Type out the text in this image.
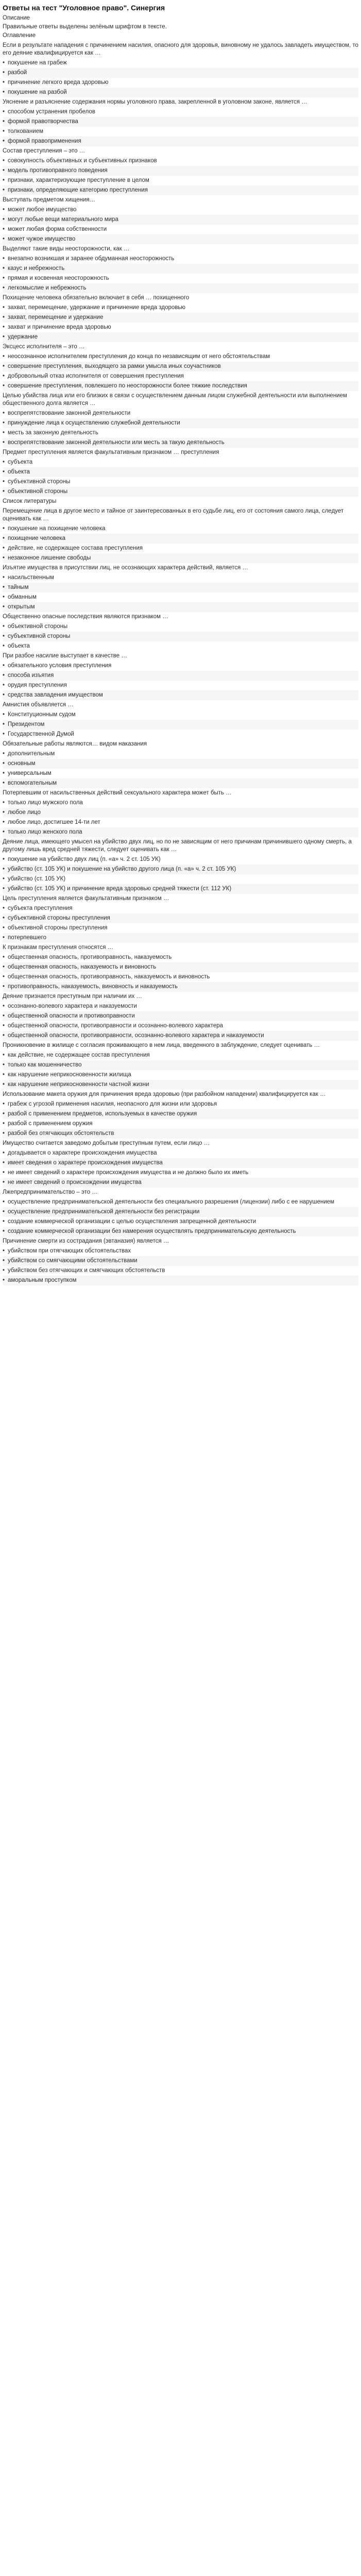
Ответы на тест "Уголовное право". Синергия
Описание
Правильные ответы выделены зелёным шрифтом в тексте.
Оглавление
Если в результате нападения с причинением насилия, опасного для здоровья, виновному не удалось завладеть имуществом, то его деяние квалифицируется как …
• покушение на грабеж
• разбой
• причинение легкого вреда здоровью
• покушение на разбой
Уяснение и разъяснение содержания нормы уголовного права, закрепленной в уголовном законе, является …
• способом устранения пробелов
• формой правотворчества
• толкованием
• формой правоприменения
Состав преступления – это …
• совокупность объективных и субъективных признаков
• модель противоправного поведения
• признаки, характеризующие преступление в целом
• признаки, определяющие категорию преступления
Выступать предметом хищения…
• может любое имущество
• могут любые вещи материального мира
• может любая форма собственности
• может чужое имущество
Выделяют такие виды неосторожности, как …
• внезапно возникшая и заранее обдуманная неосторожность
• казус и небрежность
• прямая и косвенная неосторожность
• легкомыслие и небрежность
Похищение человека обязательно включает в себя … похищенного
• захват, перемещение, удержание и причинение вреда здоровью
• захват, перемещение и удержание
• захват и причинение вреда здоровью
• удержание
Эксцесс исполнителя – это …
• неосознанное исполнителем преступления до конца по независящим от него обстоятельствам
• совершение преступления, выходящего за рамки умысла иных соучастников
• добровольный отказ исполнителя от совершения преступления
• совершение преступления, повлекшего по неосторожности более тяжкие последствия
Целью убийства лица или его близких в связи с осуществлением данным лицом служебной деятельности или выполнением общественного долга является …
• воспрепятствование законной деятельности
• принуждение лица к осуществлению служебной деятельности
• месть за законную деятельность
• воспрепятствование законной деятельности или месть за такую деятельность
Предмет преступления является факультативным признаком … преступления
• субъекта
• объекта
• субъективной стороны
• объективной стороны
Список литературы
Перемещение лица в другое место и тайное от заинтересованных в его судьбе лиц, его от состояния самого лица, следует оценивать как …
• покушение на похищение человека
• похищение человека
• действие, не содержащее состава преступления
• незаконное лишение свободы
Изъятие имущества в присутствии лиц, не осознающих характера действий, является …
• насильственным
• тайным
• обманным
• открытым
Общественно опасные последствия являются признаком …
• объективной стороны
• субъективной стороны
• объекта
При разбое насилие выступает в качестве …
• обязательного условия преступления
• способа изъятия
• орудия преступления
• средства завладения имуществом
Амнистия объявляется …
• Конституционным судом
• Президентом
• Государственной Думой
Обязательные работы являются… видом наказания
• дополнительным
• основным
• универсальным
• вспомогательным
Потерпевшим от насильственных действий сексуального характера может быть …
• только лицо мужского пола
• любое лицо
• любое лицо, достигшее 14-ти лет
• только лицо женского пола
Деяние лица, имеющего умысел на убийство двух лиц, но по не зависящим от него причинам причинившего одному смерть, а другому лишь вред средней тяжести, следует оценивать как …
• покушение на убийство двух лиц (п. «а» ч. 2 ст. 105 УК)
• убийство (ст. 105 УК) и покушение на убийство другого лица (п. «а» ч. 2 ст. 105 УК)
• убийство (ст. 105 УК)
• убийство (ст. 105 УК) и причинение вреда здоровью средней тяжести (ст. 112 УК)
Цель преступления является факультативным признаком …
• субъекта преступления
• субъективной стороны преступления
• объективной стороны преступления
• потерпевшего
К признакам преступления относятся …
• общественная опасность, противоправность, наказуемость
• общественная опасность, наказуемость и виновность
• общественная опасность, противоправность, наказуемость и виновность
• противоправность, наказуемость, виновность и наказуемость
Деяние признается преступным при наличии их …
• осознанно-волевого характера и наказуемости
• общественной опасности и противоправности
• общественной опасности, противоправности и осознанно-волевого характера
• общественной опасности, противоправности, осознанно-волевого характера и наказуемости
Проникновение в жилище с согласия проживающего в нем лица, введенного в заблуждение, следует оценивать …
• как действие, не содержащее состав преступления
• только как мошенничество
• как нарушение неприкосновенности жилища
• как нарушение неприкосновенности частной жизни
Использование макета оружия для причинения вреда здоровью (при разбойном нападении) квалифицируется как …
• грабеж с угрозой применения насилия, неопасного для жизни или здоровья
• разбой с применением предметов, используемых в качестве оружия
• разбой с применением оружия
• разбой без отягчающих обстоятельств
Имущество считается заведомо добытым преступным путем, если лицо …
• догадывается о характере происхождения имущества
• имеет сведения о характере происхождения имущества
• не имеет сведений о характере происхождения имущества и не должно было их иметь
• не имеет сведений о происхождении имущества
Лжепредпринимательство – это …
• осуществление предпринимательской деятельности без специального разрешения (лицензии) либо с ее нарушением
• осуществление предпринимательской деятельности без регистрации
• создание коммерческой организации с целью осуществления запрещенной деятельности
• создание коммерческой организации без намерения осуществлять предпринимательскую деятельность
Причинение смерти из сострадания (эвтаназия) является …
• убийством при отягчающих обстоятельствах
• убийством со смягчающими обстоятельствами
• убийством без отягчающих и смягчающих обстоятельств
• аморальным проступком
